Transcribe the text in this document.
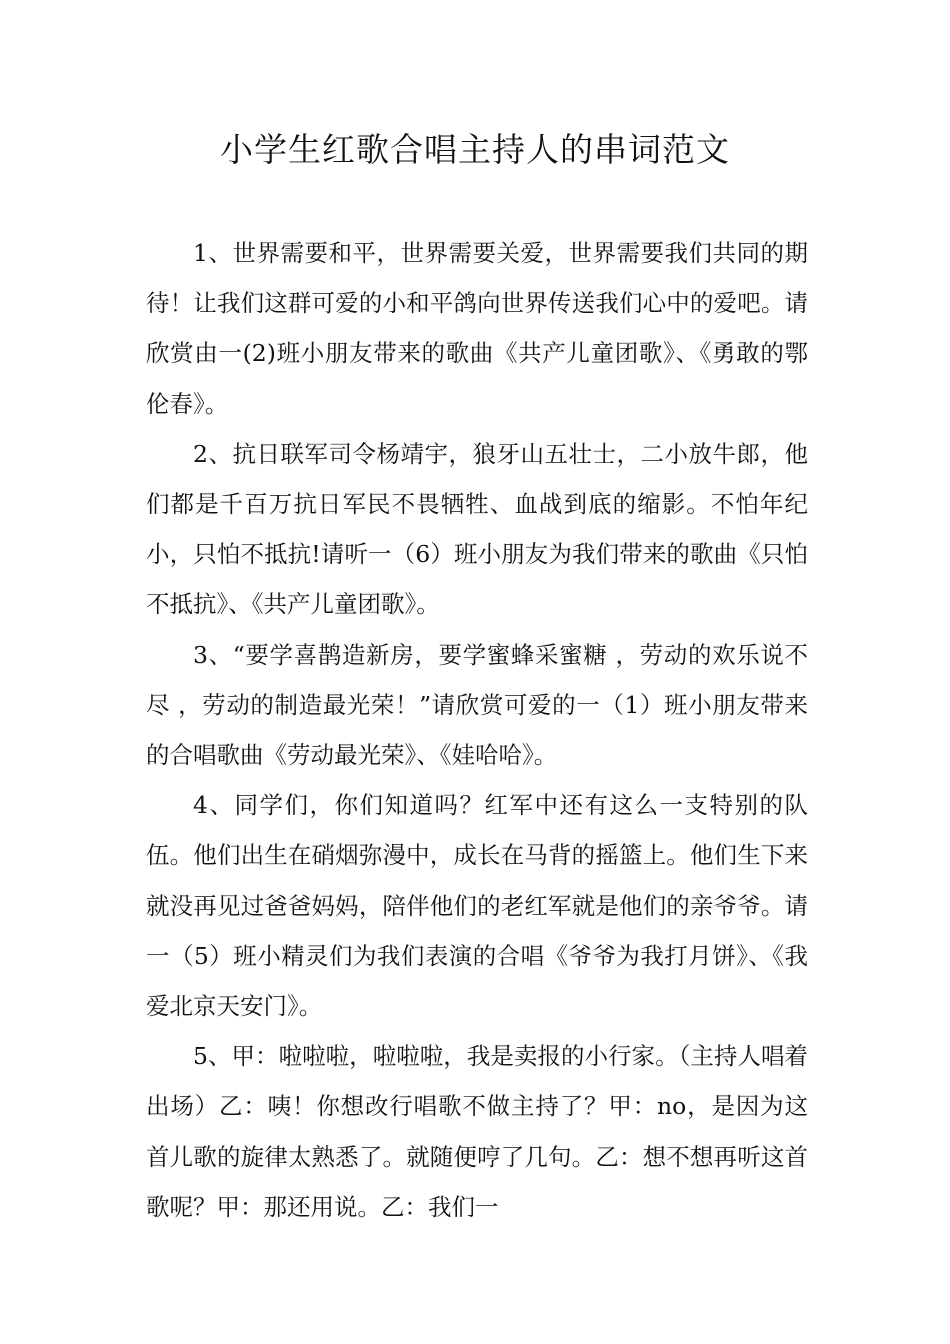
小学生红歌合唱主持人的串词范文

1、世界需要和平，世界需要关爱，世界需要我们共同的期待！让我们这群可爱的小和平鸽向世界传送我们心中的爱吧。请欣赏由一(2)班小朋友带来的歌曲《共产儿童团歌》、《勇敢的鄂伦春》。

2、抗日联军司令杨靖宇，狼牙山五壮士，二小放牛郎，他们都是千百万抗日军民不畏牺牲、血战到底的缩影。不怕年纪小，只怕不抵抗!请听一（6）班小朋友为我们带来的歌曲《只怕不抵抗》、《共产儿童团歌》。

3、“要学喜鹊造新房，要学蜜蜂采蜜糖 ，劳动的欢乐说不尽 ，劳动的制造最光荣！”请欣赏可爱的一（1）班小朋友带来的合唱歌曲《劳动最光荣》、《娃哈哈》。

4、同学们，你们知道吗？红军中还有这么一支特别的队伍。他们出生在硝烟弥漫中，成长在马背的摇篮上。他们生下来就没再见过爸爸妈妈，陪伴他们的老红军就是他们的亲爷爷。请一（5）班小精灵们为我们表演的合唱《爷爷为我打月饼》、《我爱北京天安门》。

5、甲：啦啦啦，啦啦啦，我是卖报的小行家。（主持人唱着出场）乙：咦！你想改行唱歌不做主持了？甲：no，是因为这首儿歌的旋律太熟悉了。就随便哼了几句。乙：想不想再听这首歌呢？甲：那还用说。乙：我们一
